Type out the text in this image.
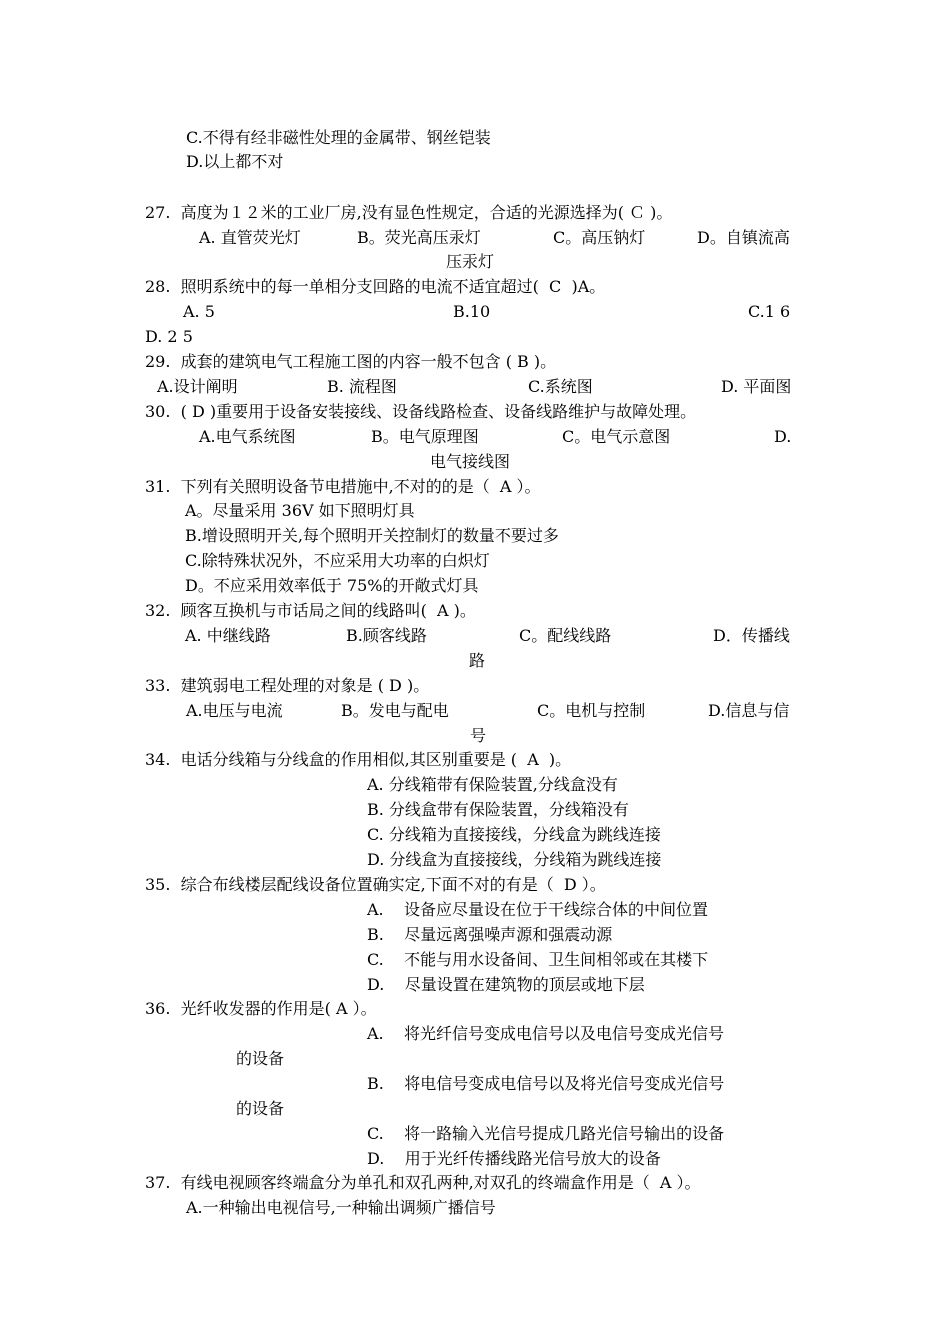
C.不得有经非磁性处理的金属带、钢丝铠装
D.以上都不对
27.  高度为１２米的工业厂房,没有显色性规定，合适的光源选择为( Ｃ )。
A. 直管荧光灯	B。荧光高压汞灯	C。高压钠灯	D。自镇流高
压汞灯
28.  照明系统中的每一单相分支回路的电流不适宜超过(  C  )A。
A. 5	B.10	C.1 6
D. 2 5
29.  成套的建筑电气工程施工图的内容一般不包含 ( B )。
A.设计阐明	B. 流程图	C.系统图	D. 平面图
30.  ( D )重要用于设备安装接线、设备线路检查、设备线路维护与故障处理。
A.电气系统图	B。电气原理图	C。电气示意图	D.
电气接线图
31.  下列有关照明设备节电措施中,不对的的是（  A ）。
A。尽量采用 36V 如下照明灯具
B.增设照明开关,每个照明开关控制灯的数量不要过多
C.除特殊状况外，不应采用大功率的白炽灯
D。不应采用效率低于 75%的开敞式灯具
32.  顾客互换机与市话局之间的线路叫(  A )。
A. 中继线路	B.顾客线路	C。配线线路	D．传播线
路
33.  建筑弱电工程处理的对象是 ( D )。
A.电压与电流	B。发电与配电	C。电机与控制	D.信息与信
号
34.  电话分线箱与分线盒的作用相似,其区别重要是 (  A  )。
A. 分线箱带有保险装置,分线盒没有
B. 分线盒带有保险装置，分线箱没有
C. 分线箱为直接接线，分线盒为跳线连接
D. 分线盒为直接接线，分线箱为跳线连接
35.  综合布线楼层配线设备位置确实定,下面不对的有是（  D ）。
A.    设备应尽量设在位于干线综合体的中间位置
B.    尽量远离强噪声源和强震动源
C.    不能与用水设备间、卫生间相邻或在其楼下
D.    尽量设置在建筑物的顶层或地下层
36.  光纤收发器的作用是( A ）。
A.    将光纤信号变成电信号以及电信号变成光信号
的设备
B.    将电信号变成电信号以及将光信号变成光信号
的设备
C.    将一路输入光信号提成几路光信号输出的设备
D.    用于光纤传播线路光信号放大的设备
37.  有线电视顾客终端盒分为单孔和双孔两种,对双孔的终端盒作用是（  A ）。
A.一种输出电视信号,一种输出调频广播信号
